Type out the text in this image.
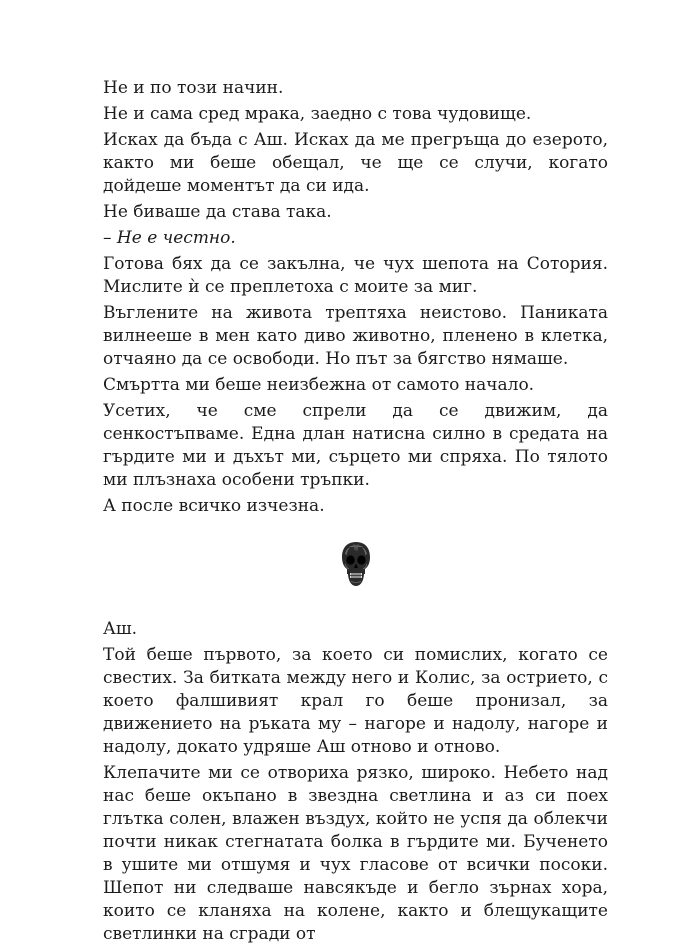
Не и по този начин.

Не и сама сред мрака, заедно с това чудовище.

Исках да бъда с Аш. Исках да ме прегръща до езерото, както ми беше обещал, че ще се случи, когато дойдеше моментът да си ида.

Не биваше да става така.

– Не е честно.

Готова бях да се закълна, че чух шепота на Сотория. Мислите ѝ се преплетоха с моите за миг.

Въглените на живота трептяха неистово. Паниката вилнееше в мен като диво животно, пленено в клетка, отчаяно да се освободи. Но път за бягство нямаше.

Смъртта ми беше неизбежна от самото начало.

Усетих, че сме спрели да се движим, да сенкостъпваме. Една длан натисна силно в средата на гърдите ми и дъхът ми, сърцето ми спряха. По тялото ми плъзнаха особени тръпки.

А после всичко изчезна.

Аш.

Той беше първото, за което си помислих, когато се свестих. За битката между него и Колис, за острието, с което фалшивият крал го беше пронизал, за движението на ръката му – нагоре и надолу, нагоре и надолу, докато удряше Аш отново и отново.

Клепачите ми се отвориха рязко, широко. Небето над нас беше окъпано в звездна светлина и аз си поех глътка солен, влажен въздух, който не успя да облекчи почти никак стегнатата болка в гърдите ми. Бученето в ушите ми отшумя и чух гласове от всички посоки. Шепот ни следваше навсякъде и бегло зърнах хора, които се кланяха на колене, както и блещукащите светлинки на сгради от
